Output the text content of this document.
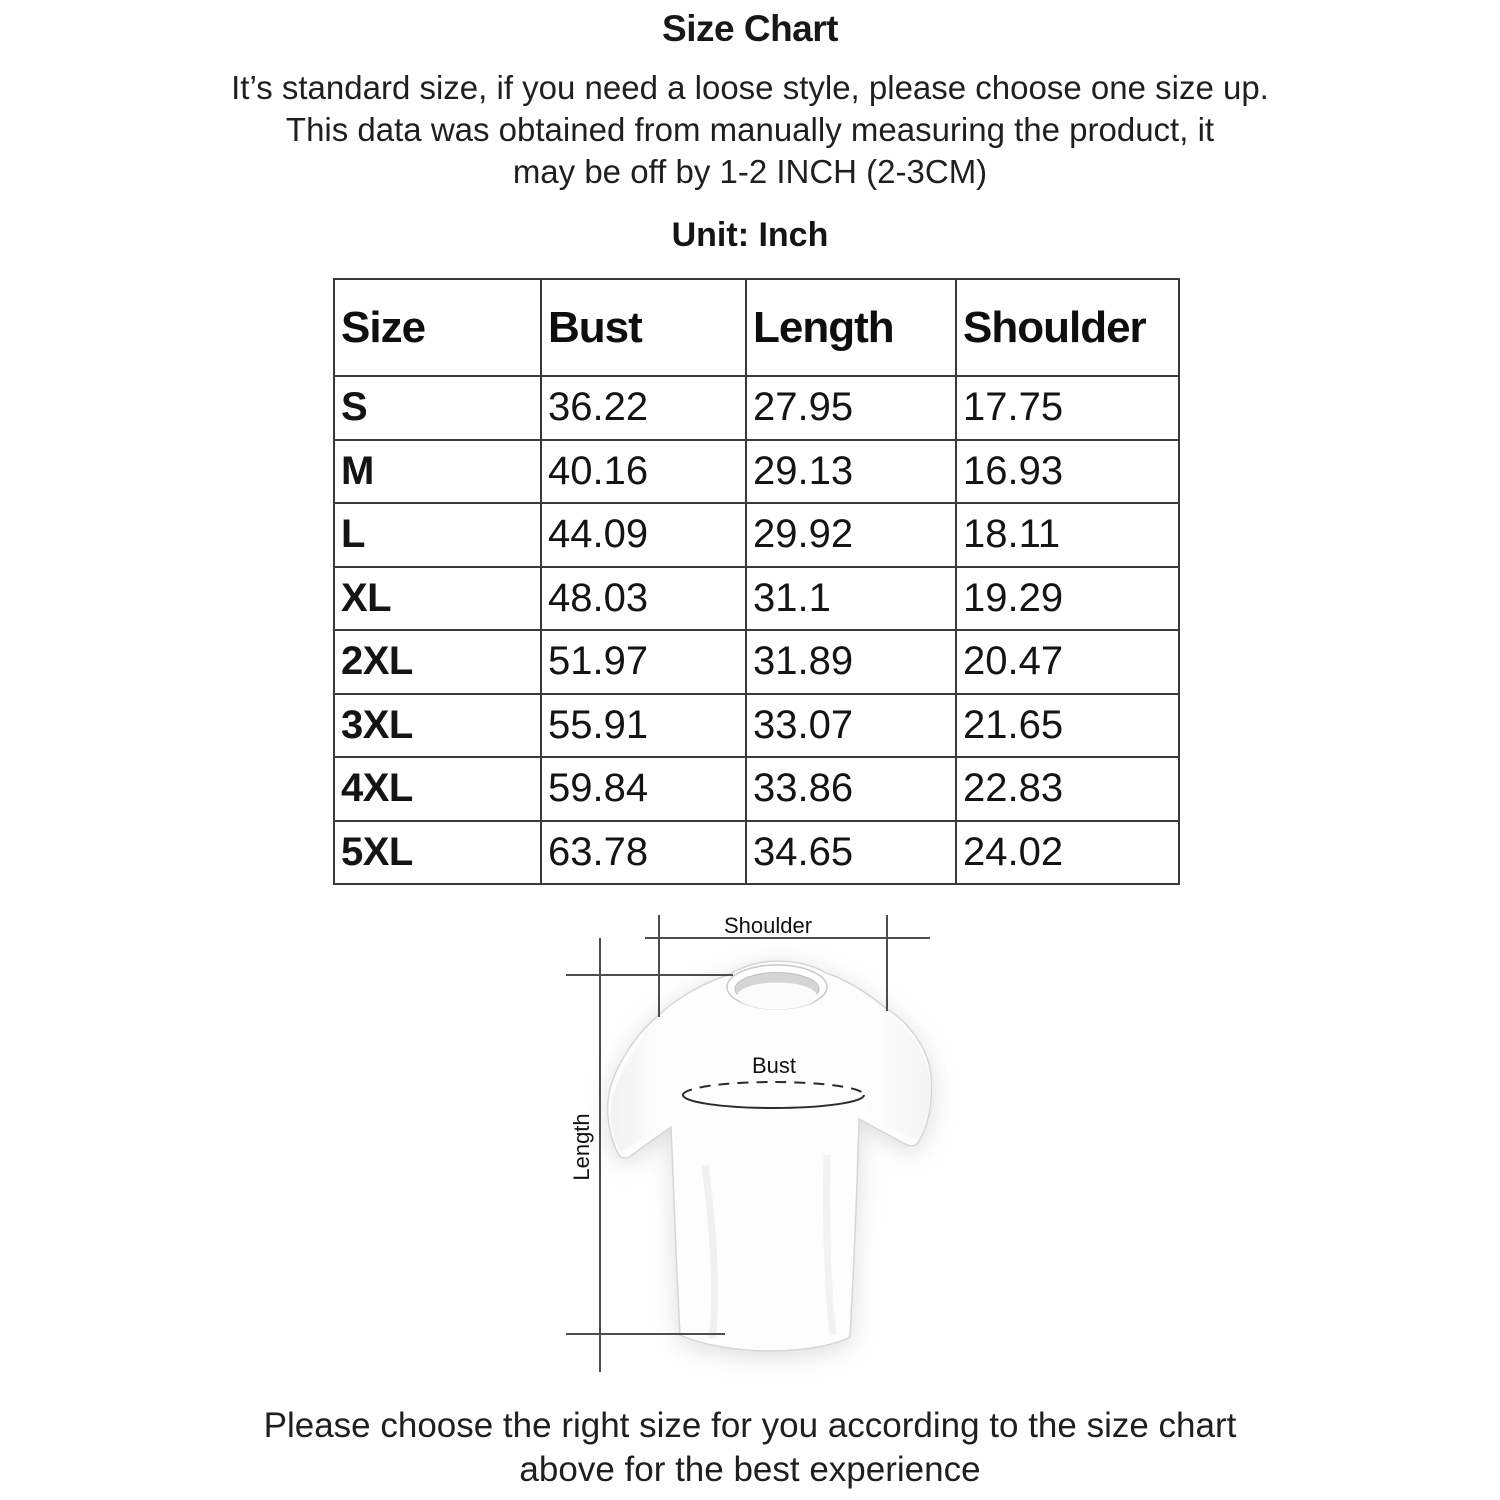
Size Chart
It’s standard size, if you need a loose style, please choose one size up.
This data was obtained from manually measuring the product, it
may be off by 1-2 INCH (2-3CM)
Unit: Inch
Size	Bust	Length	Shoulder
S	36.22	27.95	17.75
M	40.16	29.13	16.93
L	44.09	29.92	18.11
XL	48.03	31.1	19.29
2XL	51.97	31.89	20.47
3XL	55.91	33.07	21.65
4XL	59.84	33.86	22.83
5XL	63.78	34.65	24.02
Shoulder
Length
Bust
Please choose the right size for you according to the size chart
above for the best experience
